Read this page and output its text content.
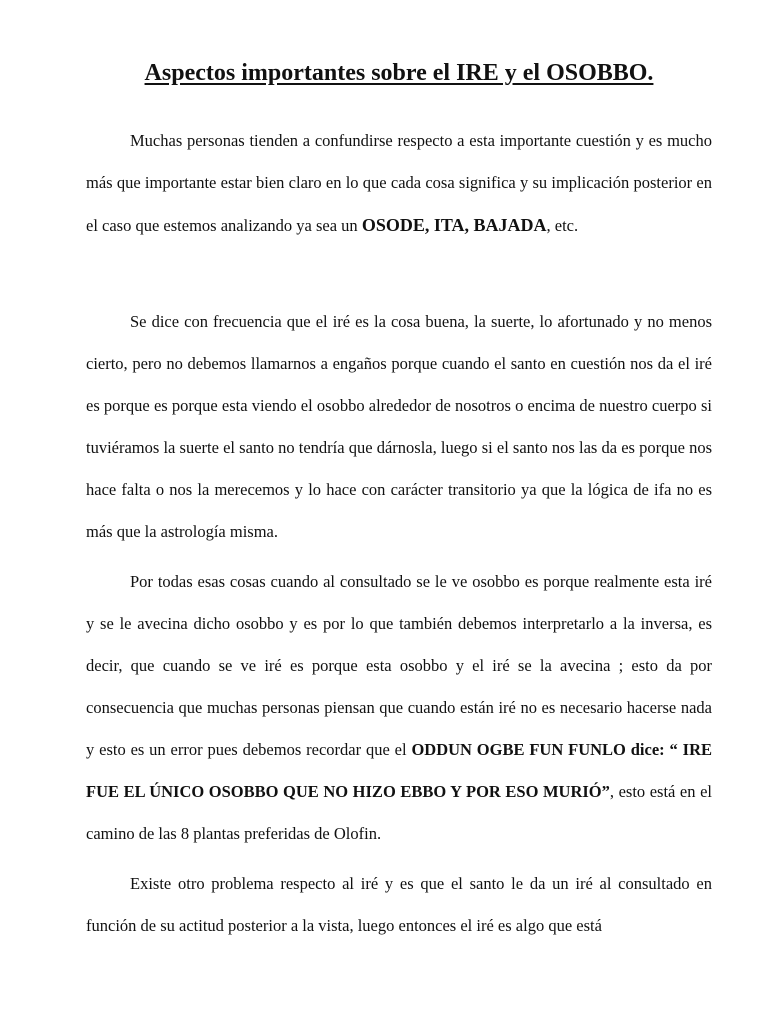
Aspectos importantes sobre el IRE y el OSOBBO.

Muchas personas tienden a confundirse respecto a esta importante cuestión y es mucho más que importante estar bien claro en lo que cada cosa significa y su implicación posterior en el caso que estemos analizando ya sea un OSODE, ITA, BAJADA, etc.

Se dice con frecuencia que el iré es la cosa buena, la suerte, lo afortunado y no menos cierto, pero no debemos llamarnos a engaños porque cuando el santo en cuestión nos da el iré es porque es porque esta viendo el osobbo alrededor de nosotros o encima de nuestro cuerpo si tuviéramos la suerte el santo no tendría que dárnosla, luego si el santo nos las da es porque nos hace falta o nos la merecemos y lo hace con carácter transitorio ya que la lógica de ifa no es más que la astrología misma.

Por todas esas cosas cuando al consultado se le ve osobbo es porque realmente esta iré y se le avecina dicho osobbo y es por lo que también debemos interpretarlo a la inversa, es decir, que cuando se ve iré es porque esta osobbo y el iré se la avecina ; esto da por consecuencia que muchas personas piensan que cuando están iré no es necesario hacerse nada y esto es un error pues debemos recordar que el ODDUN OGBE FUN FUNLO dice: “ IRE FUE EL ÚNICO OSOBBO QUE NO HIZO EBBO Y POR ESO MURIÓ”, esto está en el camino de las 8 plantas preferidas de Olofin.

Existe otro problema respecto al iré y es que el santo le da un iré al consultado en función de su actitud posterior a la vista, luego entonces el iré es algo que está
